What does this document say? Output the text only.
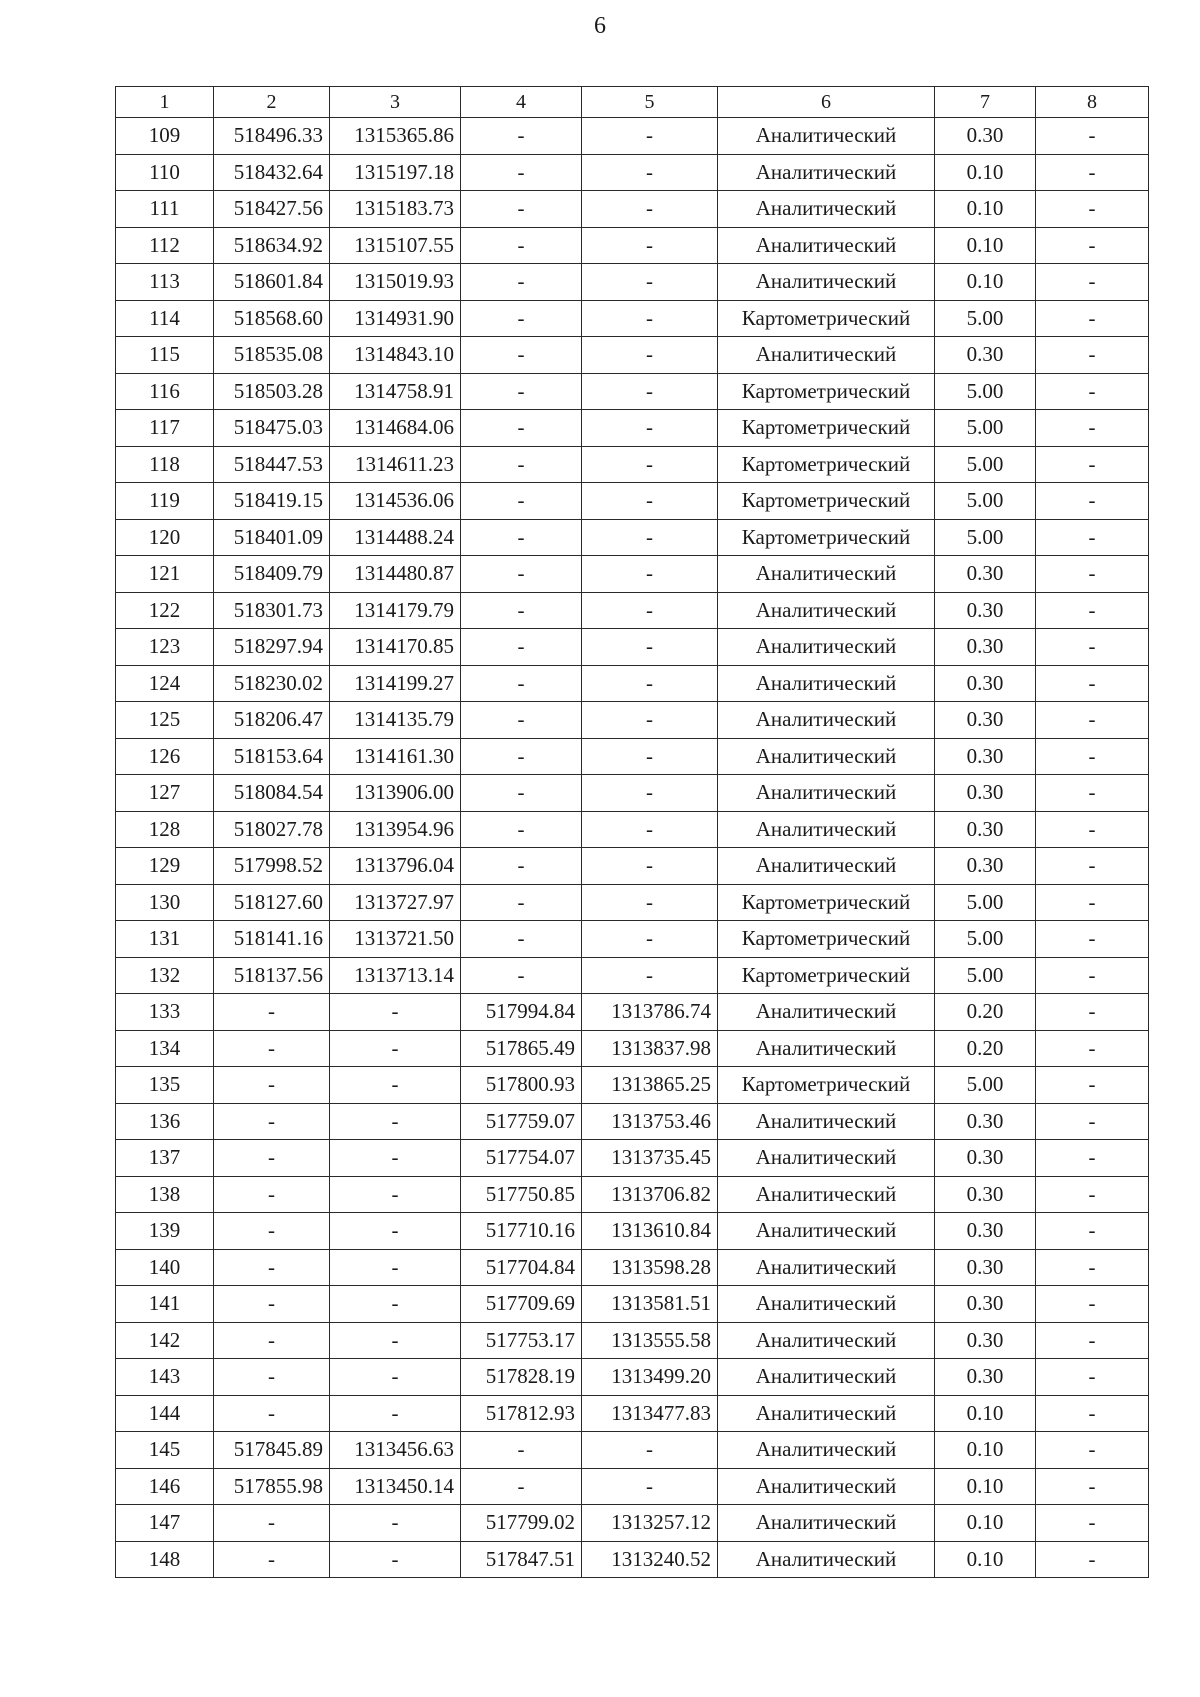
6
1	2	3	4	5	6	7	8
109	518496.33	1315365.86	-	-	Аналитический	0.30	-
110	518432.64	1315197.18	-	-	Аналитический	0.10	-
111	518427.56	1315183.73	-	-	Аналитический	0.10	-
112	518634.92	1315107.55	-	-	Аналитический	0.10	-
113	518601.84	1315019.93	-	-	Аналитический	0.10	-
114	518568.60	1314931.90	-	-	Картометрический	5.00	-
115	518535.08	1314843.10	-	-	Аналитический	0.30	-
116	518503.28	1314758.91	-	-	Картометрический	5.00	-
117	518475.03	1314684.06	-	-	Картометрический	5.00	-
118	518447.53	1314611.23	-	-	Картометрический	5.00	-
119	518419.15	1314536.06	-	-	Картометрический	5.00	-
120	518401.09	1314488.24	-	-	Картометрический	5.00	-
121	518409.79	1314480.87	-	-	Аналитический	0.30	-
122	518301.73	1314179.79	-	-	Аналитический	0.30	-
123	518297.94	1314170.85	-	-	Аналитический	0.30	-
124	518230.02	1314199.27	-	-	Аналитический	0.30	-
125	518206.47	1314135.79	-	-	Аналитический	0.30	-
126	518153.64	1314161.30	-	-	Аналитический	0.30	-
127	518084.54	1313906.00	-	-	Аналитический	0.30	-
128	518027.78	1313954.96	-	-	Аналитический	0.30	-
129	517998.52	1313796.04	-	-	Аналитический	0.30	-
130	518127.60	1313727.97	-	-	Картометрический	5.00	-
131	518141.16	1313721.50	-	-	Картометрический	5.00	-
132	518137.56	1313713.14	-	-	Картометрический	5.00	-
133	-	-	517994.84	1313786.74	Аналитический	0.20	-
134	-	-	517865.49	1313837.98	Аналитический	0.20	-
135	-	-	517800.93	1313865.25	Картометрический	5.00	-
136	-	-	517759.07	1313753.46	Аналитический	0.30	-
137	-	-	517754.07	1313735.45	Аналитический	0.30	-
138	-	-	517750.85	1313706.82	Аналитический	0.30	-
139	-	-	517710.16	1313610.84	Аналитический	0.30	-
140	-	-	517704.84	1313598.28	Аналитический	0.30	-
141	-	-	517709.69	1313581.51	Аналитический	0.30	-
142	-	-	517753.17	1313555.58	Аналитический	0.30	-
143	-	-	517828.19	1313499.20	Аналитический	0.30	-
144	-	-	517812.93	1313477.83	Аналитический	0.10	-
145	517845.89	1313456.63	-	-	Аналитический	0.10	-
146	517855.98	1313450.14	-	-	Аналитический	0.10	-
147	-	-	517799.02	1313257.12	Аналитический	0.10	-
148	-	-	517847.51	1313240.52	Аналитический	0.10	-
